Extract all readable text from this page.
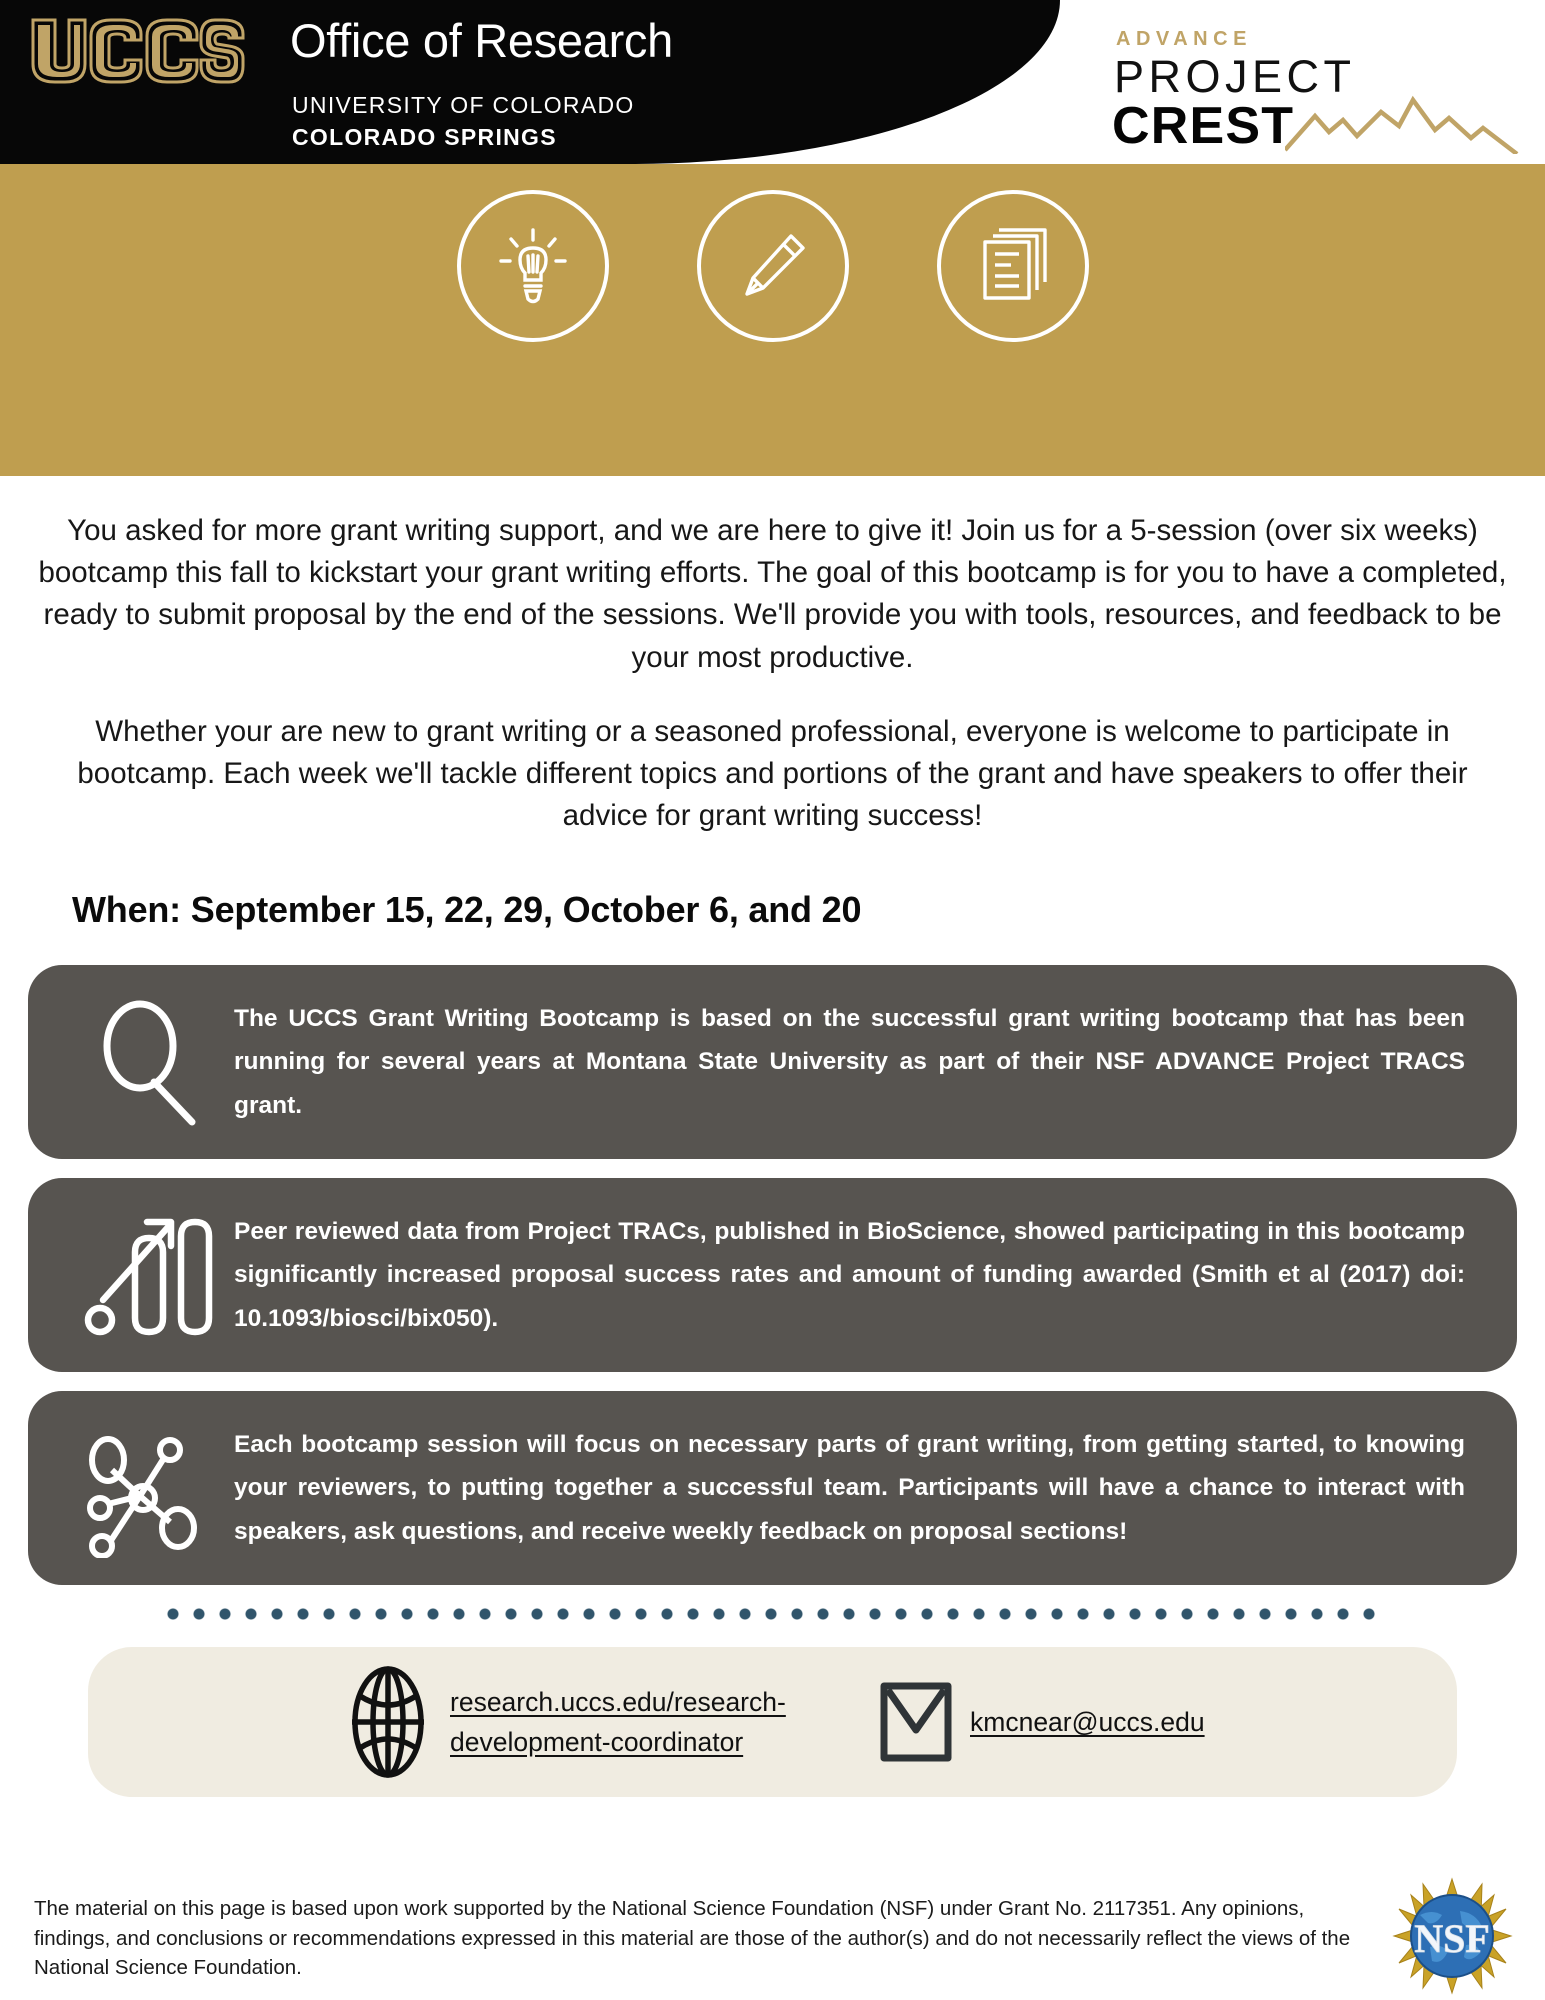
Office of Research
UNIVERSITY OF COLORADO
COLORADO SPRINGS
ADVANCE
PROJECT
CREST

You asked for more grant writing support, and we are here to give it! Join us for a 5-session (over six weeks) bootcamp this fall to kickstart your grant writing efforts. The goal of this bootcamp is for you to have a completed, ready to submit proposal by the end of the sessions. We'll provide you with tools, resources, and feedback to be your most productive.

Whether your are new to grant writing or a seasoned professional, everyone is welcome to participate in bootcamp. Each week we'll tackle different topics and portions of the grant and have speakers to offer their advice for grant writing success!

When: September 15, 22, 29, October 6, and 20
The UCCS Grant Writing Bootcamp is based on the successful grant writing bootcamp that has been running for several years at Montana State University as part of their NSF ADVANCE Project TRACS grant.
Peer reviewed data from Project TRACs, published in BioScience, showed participating in this bootcamp significantly increased proposal success rates and amount of funding awarded (Smith et al (2017) doi: 10.1093/biosci/bix050).
Each bootcamp session will focus on necessary parts of grant writing, from getting started, to knowing your reviewers, to putting together a successful team. Participants will have a chance to interact with speakers, ask questions, and receive weekly feedback on proposal sections!
research.uccs.edu/research-development-coordinator
kmcnear@uccs.edu
The material on this page is based upon work supported by the National Science Foundation (NSF) under Grant No. 2117351. Any opinions, findings, and conclusions or recommendations expressed in this material are those of the author(s) and do not necessarily reflect the views of the National Science Foundation.
NSF
